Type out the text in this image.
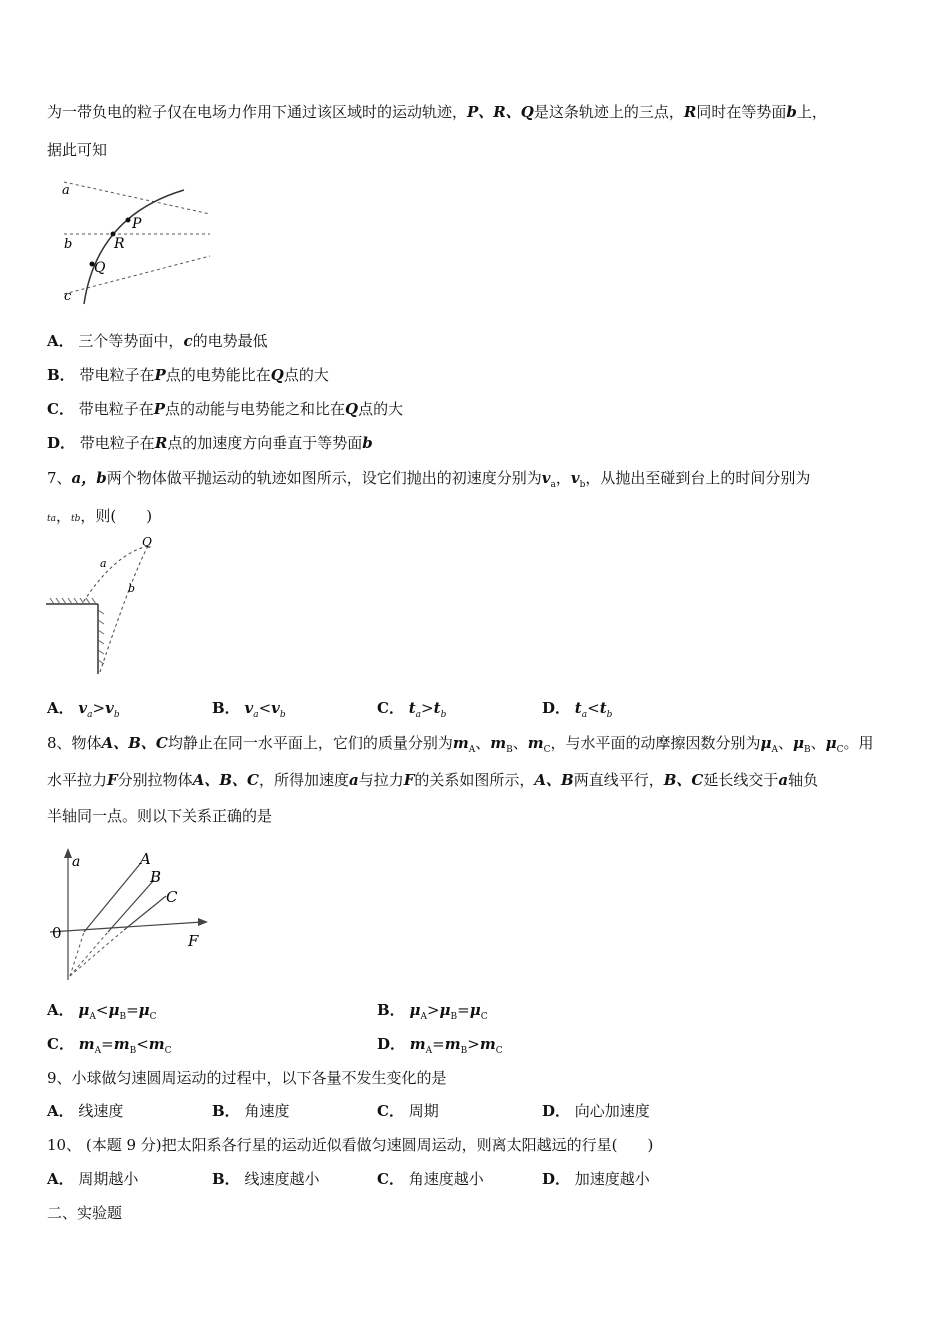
为一带负电的粒子仅在电场力作用下通过该区域时的运动轨迹，P、R、Q是这条轨迹上的三点，R同时在等势面b上，
据此可知
a
b
c
P
R
Q
A． 三个等势面中，c的电势最低
B． 带电粒子在P点的电势能比在Q点的大
C． 带电粒子在P点的动能与电势能之和比在Q点的大
D． 带电粒子在R点的加速度方向垂直于等势面b
7、a，b两个物体做平抛运动的轨迹如图所示，设它们抛出的初速度分别为$v_a$，$v_b$，从抛出至碰到台上的时间分别为
ta，tb，则(　　)
Q
a
b
A． $v_a>v_b$	B． $v_a<v_b$	C． $t_a>t_b$	D． $t_a<t_b$
8、物体A、B、C均静止在同一水平面上，它们的质量分别为$m_A$、$m_B$、$m_C$，与水平面的动摩擦因数分别为$\mu_A$、$\mu_B$、$\mu_C$。用
水平拉力F分别拉物体A、B、C，所得加速度a与拉力F的关系如图所示，A、B两直线平行，B、C延长线交于a轴负
半轴同一点。则以下关系正确的是
a
F
0
A
B
C
A． $\mu_A<\mu_B=\mu_C$	B． $\mu_A>\mu_B=\mu_C$
C． $m_A=m_B<m_C$	D． $m_A=m_B>m_C$
9、小球做匀速圆周运动的过程中，以下各量不发生变化的是
A． 线速度	B． 角速度	C． 周期	D． 向心加速度
10、 (本题 9 分)把太阳系各行星的运动近似看做匀速圆周运动，则离太阳越远的行星(　　)
A． 周期越小	B． 线速度越小	C． 角速度越小	D． 加速度越小
二、实验题
